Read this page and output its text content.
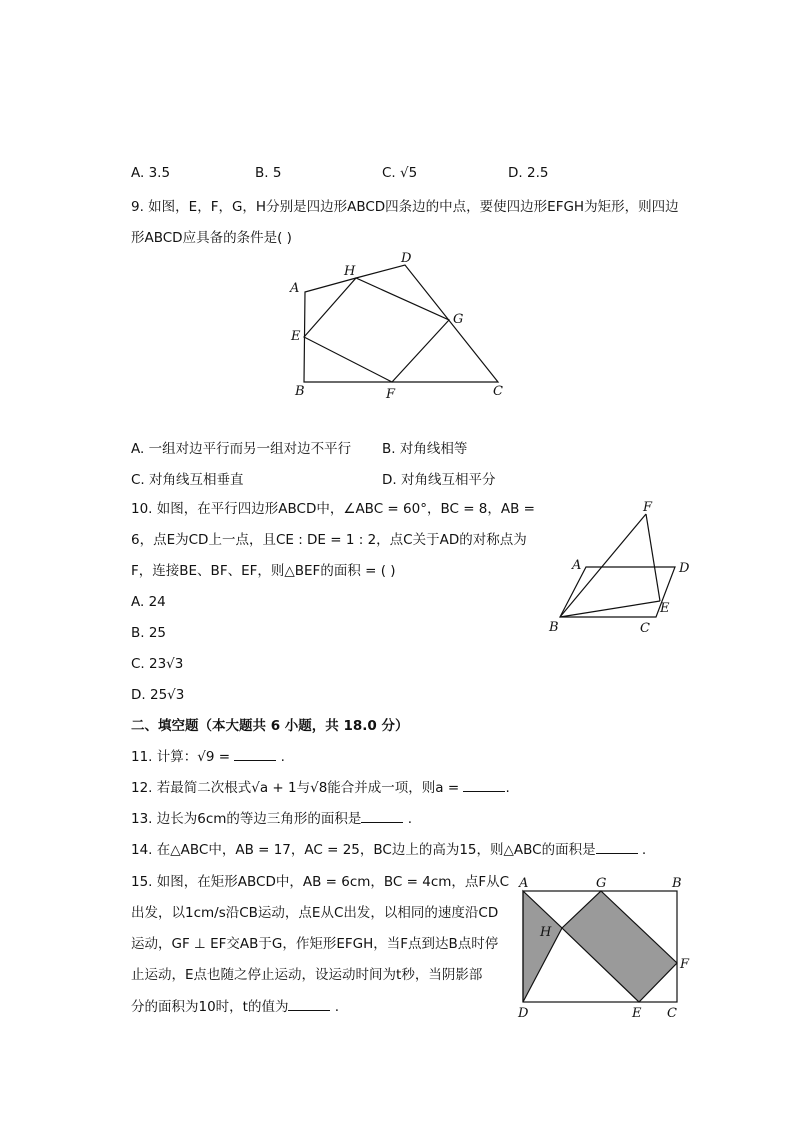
A. 3.5	B. 5	C. √5	D. 2.5
9. 如图，E，F，G，H分别是四边形ABCD四条边的中点，要使四边形EFGH为矩形，则四边
形ABCD应具备的条件是( )
A
H
D
G
E
B	F	C
A. 一组对边平行而另一组对边不平行 B. 对角线相等
C. 对角线互相垂直	D. 对角线互相平分
10. 如图，在平行四边形ABCD中，∠ABC = 60°，BC = 8，AB =
6，点E为CD上一点，且CE : DE = 1 : 2，点C关于AD的对称点为
F，连接BE、BF、EF，则△BEF的面积 = ( )
A. 24
B. 25
C. 23√3
D. 25√3
F
A	D
E
B	C
二、填空题（本大题共 6 小题，共 18.0 分）
11. 计算：√9 =	.
12. 若最简二次根式√a + 1与√8能合并成一项，则a =	.
13. 边长为6cm的等边三角形的面积是	.
14. 在△ABC中，AB = 17，AC = 25，BC边上的高为15，则△ABC的面积是	.
15. 如图，在矩形ABCD中，AB = 6cm，BC = 4cm，点F从C
出发，以1cm/s沿CB运动，点E从C出发，以相同的速度沿CD
运动，GF ⊥ EF交AB于G，作矩形EFGH，当F点到达B点时停
止运动，E点也随之停止运动，设运动时间为t秒，当阴影部
分的面积为10时，t的值为	.
A	G	B
H
F
D	E C
